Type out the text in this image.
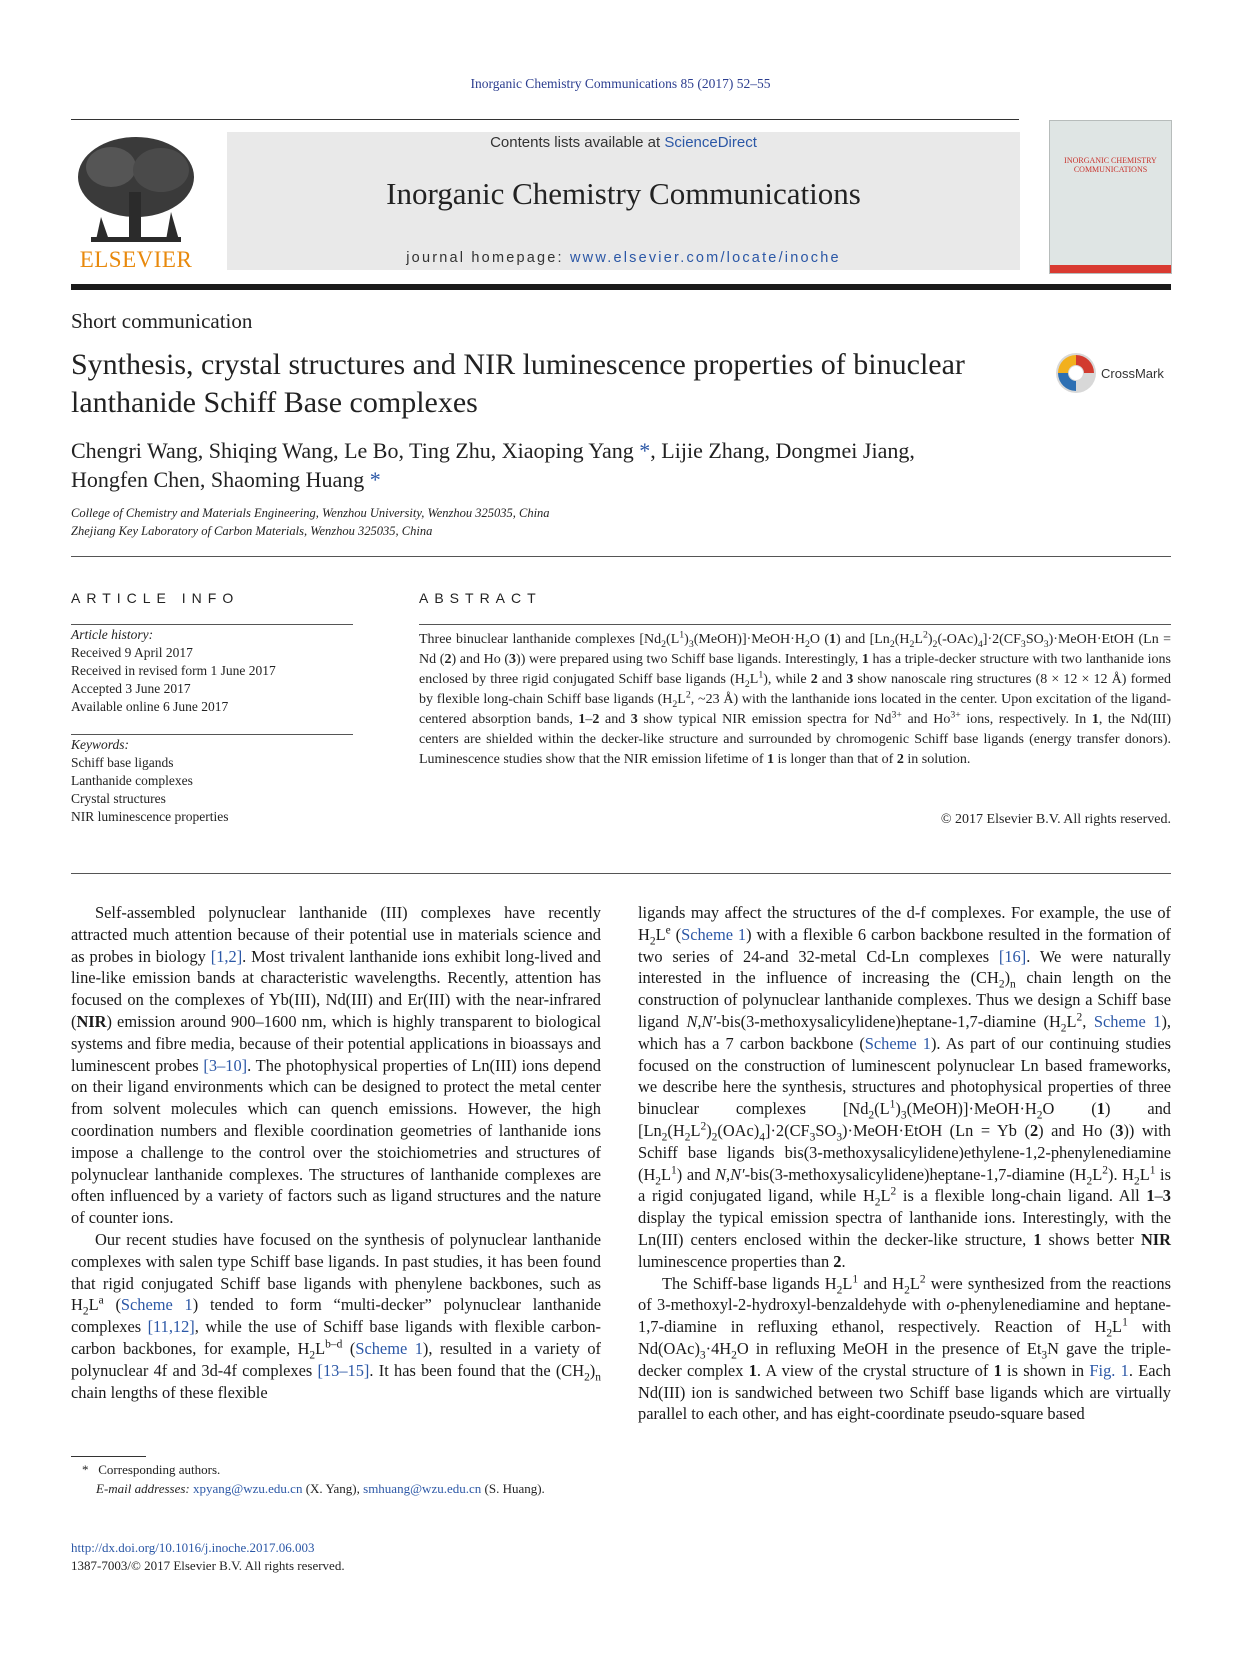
Inorganic Chemistry Communications 85 (2017) 52–55
ELSEVIER
Contents lists available at ScienceDirect
Inorganic Chemistry Communications
journal homepage: www.elsevier.com/locate/inoche
INORGANIC CHEMISTRY COMMUNICATIONS
Short communication
Synthesis, crystal structures and NIR luminescence properties of binuclear lanthanide Schiff Base complexes
CrossMark
Chengri Wang, Shiqing Wang, Le Bo, Ting Zhu, Xiaoping Yang *, Lijie Zhang, Dongmei Jiang,
Hongfen Chen, Shaoming Huang *
College of Chemistry and Materials Engineering, Wenzhou University, Wenzhou 325035, China
Zhejiang Key Laboratory of Carbon Materials, Wenzhou 325035, China
ARTICLE INFO
Article history:
Received 9 April 2017
Received in revised form 1 June 2017
Accepted 3 June 2017
Available online 6 June 2017
Keywords:
Schiff base ligands
Lanthanide complexes
Crystal structures
NIR luminescence properties
ABSTRACT
Three binuclear lanthanide complexes $[Nd_2(L^1)_3(MeOH)]\cdot MeOH\cdot H_2O$ (1) and $[Ln_2(H_2L^2)_2(-OAc)_4]\cdot 2(CF_3SO_3)\cdot MeOH\cdot EtOH$ (Ln = Nd (2) and Ho (3)) were prepared using two Schiff base ligands. Interestingly, 1 has a triple-decker structure with two lanthanide ions enclosed by three rigid conjugated Schiff base ligands $(H_2L^1)$, while 2 and 3 show nanoscale ring structures (8 × 12 × 12 Å) formed by flexible long-chain Schiff base ligands ($H_2L^2$, ~23 Å) with the lanthanide ions located in the center. Upon excitation of the ligand-centered absorption bands, 1–2 and 3 show typical NIR emission spectra for $Nd^{3+}$ and $Ho^{3+}$ ions, respectively. In 1, the Nd(III) centers are shielded within the decker-like structure and surrounded by chromogenic Schiff base ligands (energy transfer donors). Luminescence studies show that the NIR emission lifetime of 1 is longer than that of 2 in solution.
© 2017 Elsevier B.V. All rights reserved.

Self-assembled polynuclear lanthanide (III) complexes have recently attracted much attention because of their potential use in materials science and as probes in biology [1,2]. Most trivalent lanthanide ions exhibit long-lived and line-like emission bands at characteristic wavelengths. Recently, attention has focused on the complexes of Yb(III), Nd(III) and Er(III) with the near-infrared (NIR) emission around 900–1600 nm, which is highly transparent to biological systems and fibre media, because of their potential applications in bioassays and luminescent probes [3–10]. The photophysical properties of Ln(III) ions depend on their ligand environments which can be designed to protect the metal center from solvent molecules which can quench emissions. However, the high coordination numbers and flexible coordination geometries of lanthanide ions impose a challenge to the control over the stoichiometries and structures of polynuclear lanthanide complexes. The structures of lanthanide complexes are often influenced by a variety of factors such as ligand structures and the nature of counter ions.

Our recent studies have focused on the synthesis of polynuclear lanthanide complexes with salen type Schiff base ligands. In past studies, it has been found that rigid conjugated Schiff base ligands with phenylene backbones, such as $H_2L^a$ (Scheme 1) tended to form “multi-decker” polynuclear lanthanide complexes [11,12], while the use of Schiff base ligands with flexible carbon-carbon backbones, for example, $H_2L^{b-d}$ (Scheme 1), resulted in a variety of polynuclear 4f and 3d-4f complexes [13–15]. It has been found that the $(CH_2)_n$ chain lengths of these flexible

ligands may affect the structures of the d-f complexes. For example, the use of $H_2L^e$ (Scheme 1) with a flexible 6 carbon backbone resulted in the formation of two series of 24-and 32-metal Cd-Ln complexes [16]. We were naturally interested in the influence of increasing the $(CH_2)_n$ chain length on the construction of polynuclear lanthanide complexes. Thus we design a Schiff base ligand N,N′-bis(3-methoxysalicylidene)heptane-1,7-diamine ($H_2L^2$, Scheme 1), which has a 7 carbon backbone (Scheme 1). As part of our continuing studies focused on the construction of luminescent polynuclear Ln based frameworks, we describe here the synthesis, structures and photophysical properties of three binuclear complexes $[Nd_2(L^1)_3(MeOH)]\cdot MeOH\cdot H_2O$ (1) and $[Ln_2(H_2L^2)_2(OAc)_4]\cdot 2(CF_3SO_3)\cdot MeOH\cdot EtOH$ (Ln = Yb (2) and Ho (3)) with Schiff base ligands bis(3-methoxysalicylidene)ethylene-1,2-phenylenediamine $(H_2L^1)$ and N,N′-bis(3-methoxysalicylidene)heptane-1,7-diamine $(H_2L^2)$. $H_2L^1$ is a rigid conjugated ligand, while $H_2L^2$ is a flexible long-chain ligand. All 1–3 display the typical emission spectra of lanthanide ions. Interestingly, with the Ln(III) centers enclosed within the decker-like structure, 1 shows better NIR luminescence properties than 2.

The Schiff-base ligands $H_2L^1$ and $H_2L^2$ were synthesized from the reactions of 3-methoxyl-2-hydroxyl-benzaldehyde with o-phenylenediamine and heptane-1,7-diamine in refluxing ethanol, respectively. Reaction of $H_2L^1$ with $Nd(OAc)_3\cdot 4H_2O$ in refluxing MeOH in the presence of $Et_3N$ gave the triple-decker complex 1. A view of the crystal structure of 1 is shown in Fig. 1. Each Nd(III) ion is sandwiched between two Schiff base ligands which are virtually parallel to each other, and has eight-coordinate pseudo-square based

* Corresponding authors.
E-mail addresses: xpyang@wzu.edu.cn (X. Yang), smhuang@wzu.edu.cn (S. Huang).
http://dx.doi.org/10.1016/j.inoche.2017.06.003
1387-7003/© 2017 Elsevier B.V. All rights reserved.
